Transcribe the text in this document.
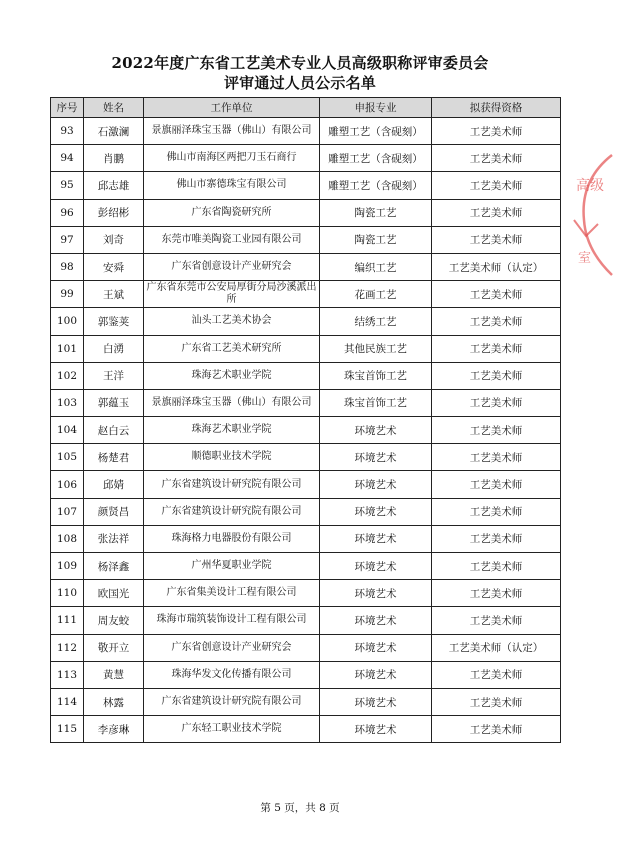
2022年度广东省工艺美术专业人员高级职称评审委员会
评审通过人员公示名单
序号	姓名	工作单位	申报专业	拟获得资格
93	石激澜	景旗丽泽珠宝玉器（佛山）有限公司	雕塑工艺（含砚刻）	工艺美术师
94	肖鹏	佛山市南海区两把刀玉石商行	雕塑工艺（含砚刻）	工艺美术师
95	邱志雄	佛山市寨德珠宝有限公司	雕塑工艺（含砚刻）	工艺美术师
96	彭绍彬	广东省陶瓷研究所	陶瓷工艺	工艺美术师
97	刘奇	东莞市唯美陶瓷工业园有限公司	陶瓷工艺	工艺美术师
98	安舜	广东省创意设计产业研究会	编织工艺	工艺美术师（认定）
99	王斌	广东省东莞市公安局厚街分局沙溪派出所	花画工艺	工艺美术师
100	郭鉴荚	汕头工艺美术协会	结绣工艺	工艺美术师
101	白湧	广东省工艺美术研究所	其他民族工艺	工艺美术师
102	王洋	珠海艺术职业学院	珠宝首饰工艺	工艺美术师
103	郭蕴玉	景旗丽泽珠宝玉器（佛山）有限公司	珠宝首饰工艺	工艺美术师
104	赵白云	珠海艺术职业学院	环境艺术	工艺美术师
105	杨楚君	顺德职业技术学院	环境艺术	工艺美术师
106	邱婧	广东省建筑设计研究院有限公司	环境艺术	工艺美术师
107	颜贤昌	广东省建筑设计研究院有限公司	环境艺术	工艺美术师
108	张法祥	珠海格力电器股份有限公司	环境艺术	工艺美术师
109	杨泽鑫	广州华夏职业学院	环境艺术	工艺美术师
110	欧国光	广东省集美设计工程有限公司	环境艺术	工艺美术师
111	周友蛟	珠海市瑞筑装饰设计工程有限公司	环境艺术	工艺美术师
112	敬开立	广东省创意设计产业研究会	环境艺术	工艺美术师（认定）
113	黄慧	珠海华发文化传播有限公司	环境艺术	工艺美术师
114	林露	广东省建筑设计研究院有限公司	环境艺术	工艺美术师
115	李彦琳	广东轻工职业技术学院	环境艺术	工艺美术师
高级
室
第 5 页，共 8 页
